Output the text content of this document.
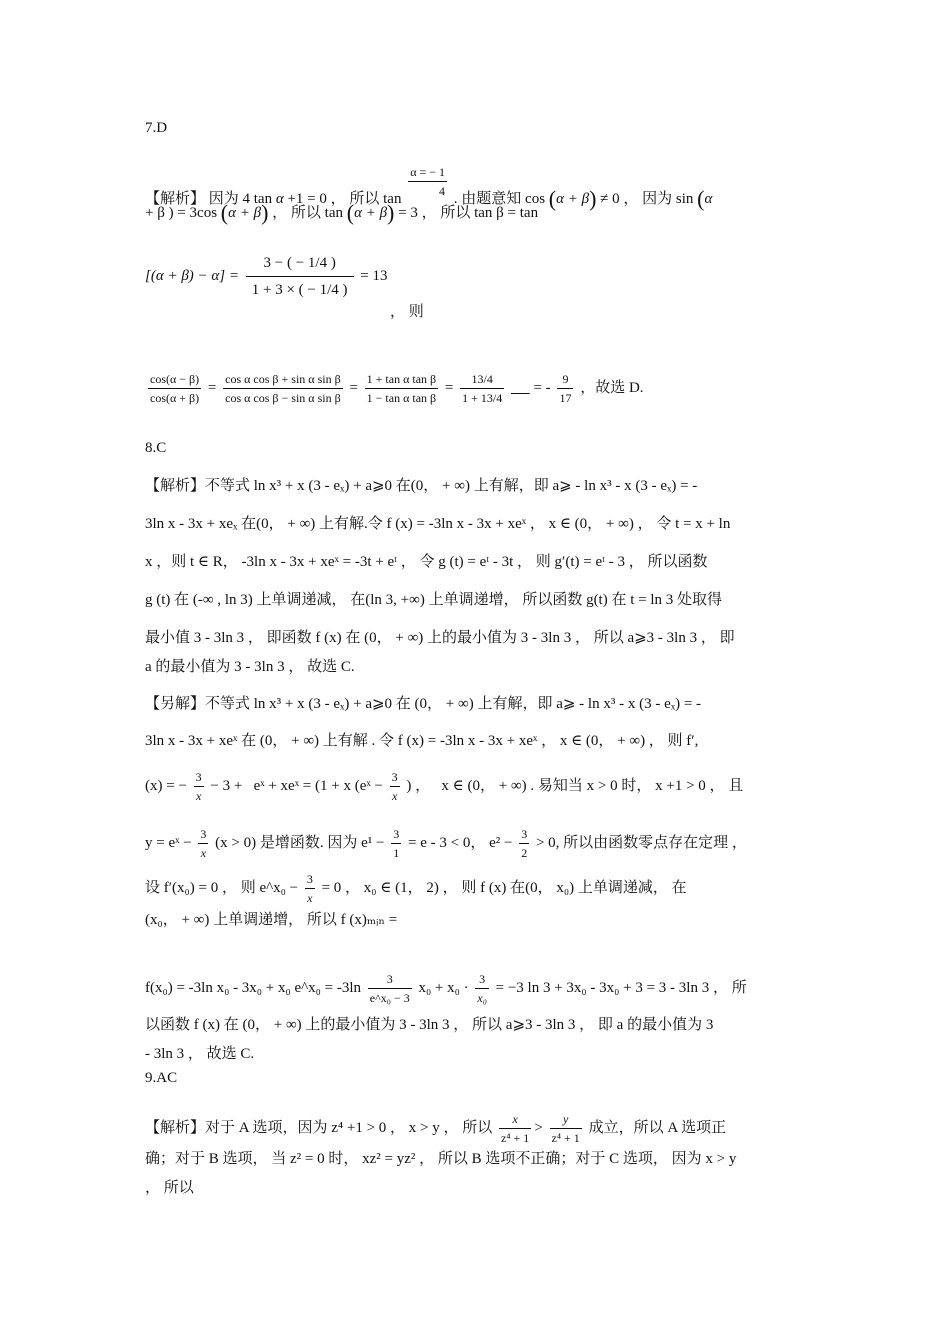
7.D
【解析】 因为 4 tan α +1 = 0 ， 所以 $\tan \frac{\alpha = - 1}{4}$ . 由题意知 cos (α + β) ≠ 0 ， 因为 sin (α
+ β ) = 3cos (α + β) ， 所以 tan (α + β) = 3 ， 所以 tan β = tan
$[(\alpha + \beta) - \alpha] = \frac{3 - ( - 1/4 )}{1 + 3 \times ( - 1/4 )} = 13$
， 则
$\frac{\cos(\alpha - \beta)}{\cos(\alpha + \beta)} = \frac{\text{cos α cos β + sin α sin β}}{\text{cos α cos β − sin α sin β}} = \frac{\text{1 + tan α tan β}}{\text{1 − tan α tan β}} = \frac{13/4}{1 + 13/4}$ = - $\frac{9}{17}$ ，故选 D.
8.C
【解析】不等式 ln x³ + x (3 - eₓ) + a⩾0 在(0， + ∞) 上有解，即 a⩾ - ln x³ - x (3 - eₓ) = -
3ln x - 3x + xeₓ 在(0， + ∞) 上有解.令 f (x) = -3ln x - 3x + xeˣ ， x ∈ (0， + ∞) ， 令 t = x + ln
x ，则 t ∈ R， -3ln x - 3x + xeˣ = -3t + eᵗ ， 令 g (t) = eᵗ - 3t ， 则 g′(t) = eᵗ - 3 ， 所以函数
g (t) 在 (-∞ , ln 3) 上单调递减， 在(ln 3, +∞) 上单调递增， 所以函数 g(t) 在 t = ln 3 处取得
最小值 3 - 3ln 3 ， 即函数 f (x) 在 (0， + ∞) 上的最小值为 3 - 3ln 3 ， 所以 a⩾3 - 3ln 3 ， 即
a 的最小值为 3 - 3ln 3 ， 故选 C.
【另解】不等式 ln x³ + x (3 - eₓ) + a⩾0 在 (0， + ∞) 上有解，即 a⩾ - ln x³ - x (3 - eₓ) = -
3ln x - 3x + xeˣ 在 (0， + ∞) 上有解 . 令 f (x) = -3ln x - 3x + xeˣ ， x ∈ (0， + ∞) ， 则 f′,
(x) = − $\frac{3}{x} - 3$ + eˣ + xeˣ = (1 + x (eˣ − $\frac{3}{x}$ ) ， x ∈ (0， + ∞) . 易知当 x > 0 时， x +1 > 0 ， 且
y = eˣ − $\frac{3}{x} (x > 0)$ 是增函数. 因为 $e^1 - \frac{3}{1} = e - 3 < 0$， $e^2 - \frac{3}{2} > 0$, 所以由函数零点存在定理 ，
设 f′(x₀) = 0 ， 则 e^x₀ − $\frac{3}{x} = 0$ ， x₀ ∈ (1， 2) ， 则 f (x) 在(0， x₀) 上单调递减， 在
(x₀， + ∞) 上单调递增， 所以 f (x)ₘᵢₙ =
f(x₀) = -3ln x₀ - 3x₀ + x₀ e^x₀ = $-3\ln \frac{3}{\text{e\textasciicircum{}x₀ − 3}} x_0 + x_0 \cdot \frac{3}{\text{x₀}} = -3$ ln 3 + 3x₀ - 3x₀ + 3 = 3 - 3ln 3 ， 所
以函数 f (x) 在 (0， + ∞) 上的最小值为 3 - 3ln 3 ， 所以 a⩾3 - 3ln 3 ， 即 a 的最小值为 3
- 3ln 3 ， 故选 C.
9.AC
【解析】对于 A 选项，因为 z⁴ +1 > 0 ， x > y ， 所以 $\frac{x}{\text{z⁴ + 1}} > \frac{y}{\text{z⁴ + 1}}$ 成立，所以 A 选项正
确；对于 B 选项， 当 z² = 0 时， xz² = yz² ， 所以 B 选项不正确；对于 C 选项， 因为 x > y
， 所以
